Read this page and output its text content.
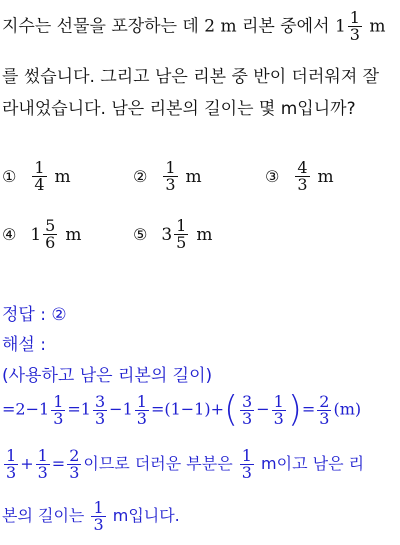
지수는 선물을 포장하는 데 2 m 리본 중에서 $1 \frac{1}{3}$ m
를 썼습니다. 그리고 남은 리본 중 반이 더러워져 잘
라내었습니다. 남은 리본의 길이는 몇 m입니까?
① $\frac{1}{4}$ m	② $\frac{1}{3}$ m	③ $\frac{4}{3}$ m
④ $1 \frac{5}{6}$ m	⑤ $3 \frac{1}{5}$ m
정답 : ②
해설 :
(사용하고 남은 리본의 길이)
$=2-1 \frac{1}{3} =1 \frac{3}{3} -1 \frac{1}{3} =(1-1)+( \frac{3}{3} - \frac{1}{3}$ )= $\frac{2}{3} (m)$
$\frac{1}{3} + \frac{1}{3} = \frac{2}{3}$ 이므로 더러운 부분은 $\frac{1}{3}$ m이고 남은 리
본의 길이는 $\frac{1}{3}$ m입니다.
